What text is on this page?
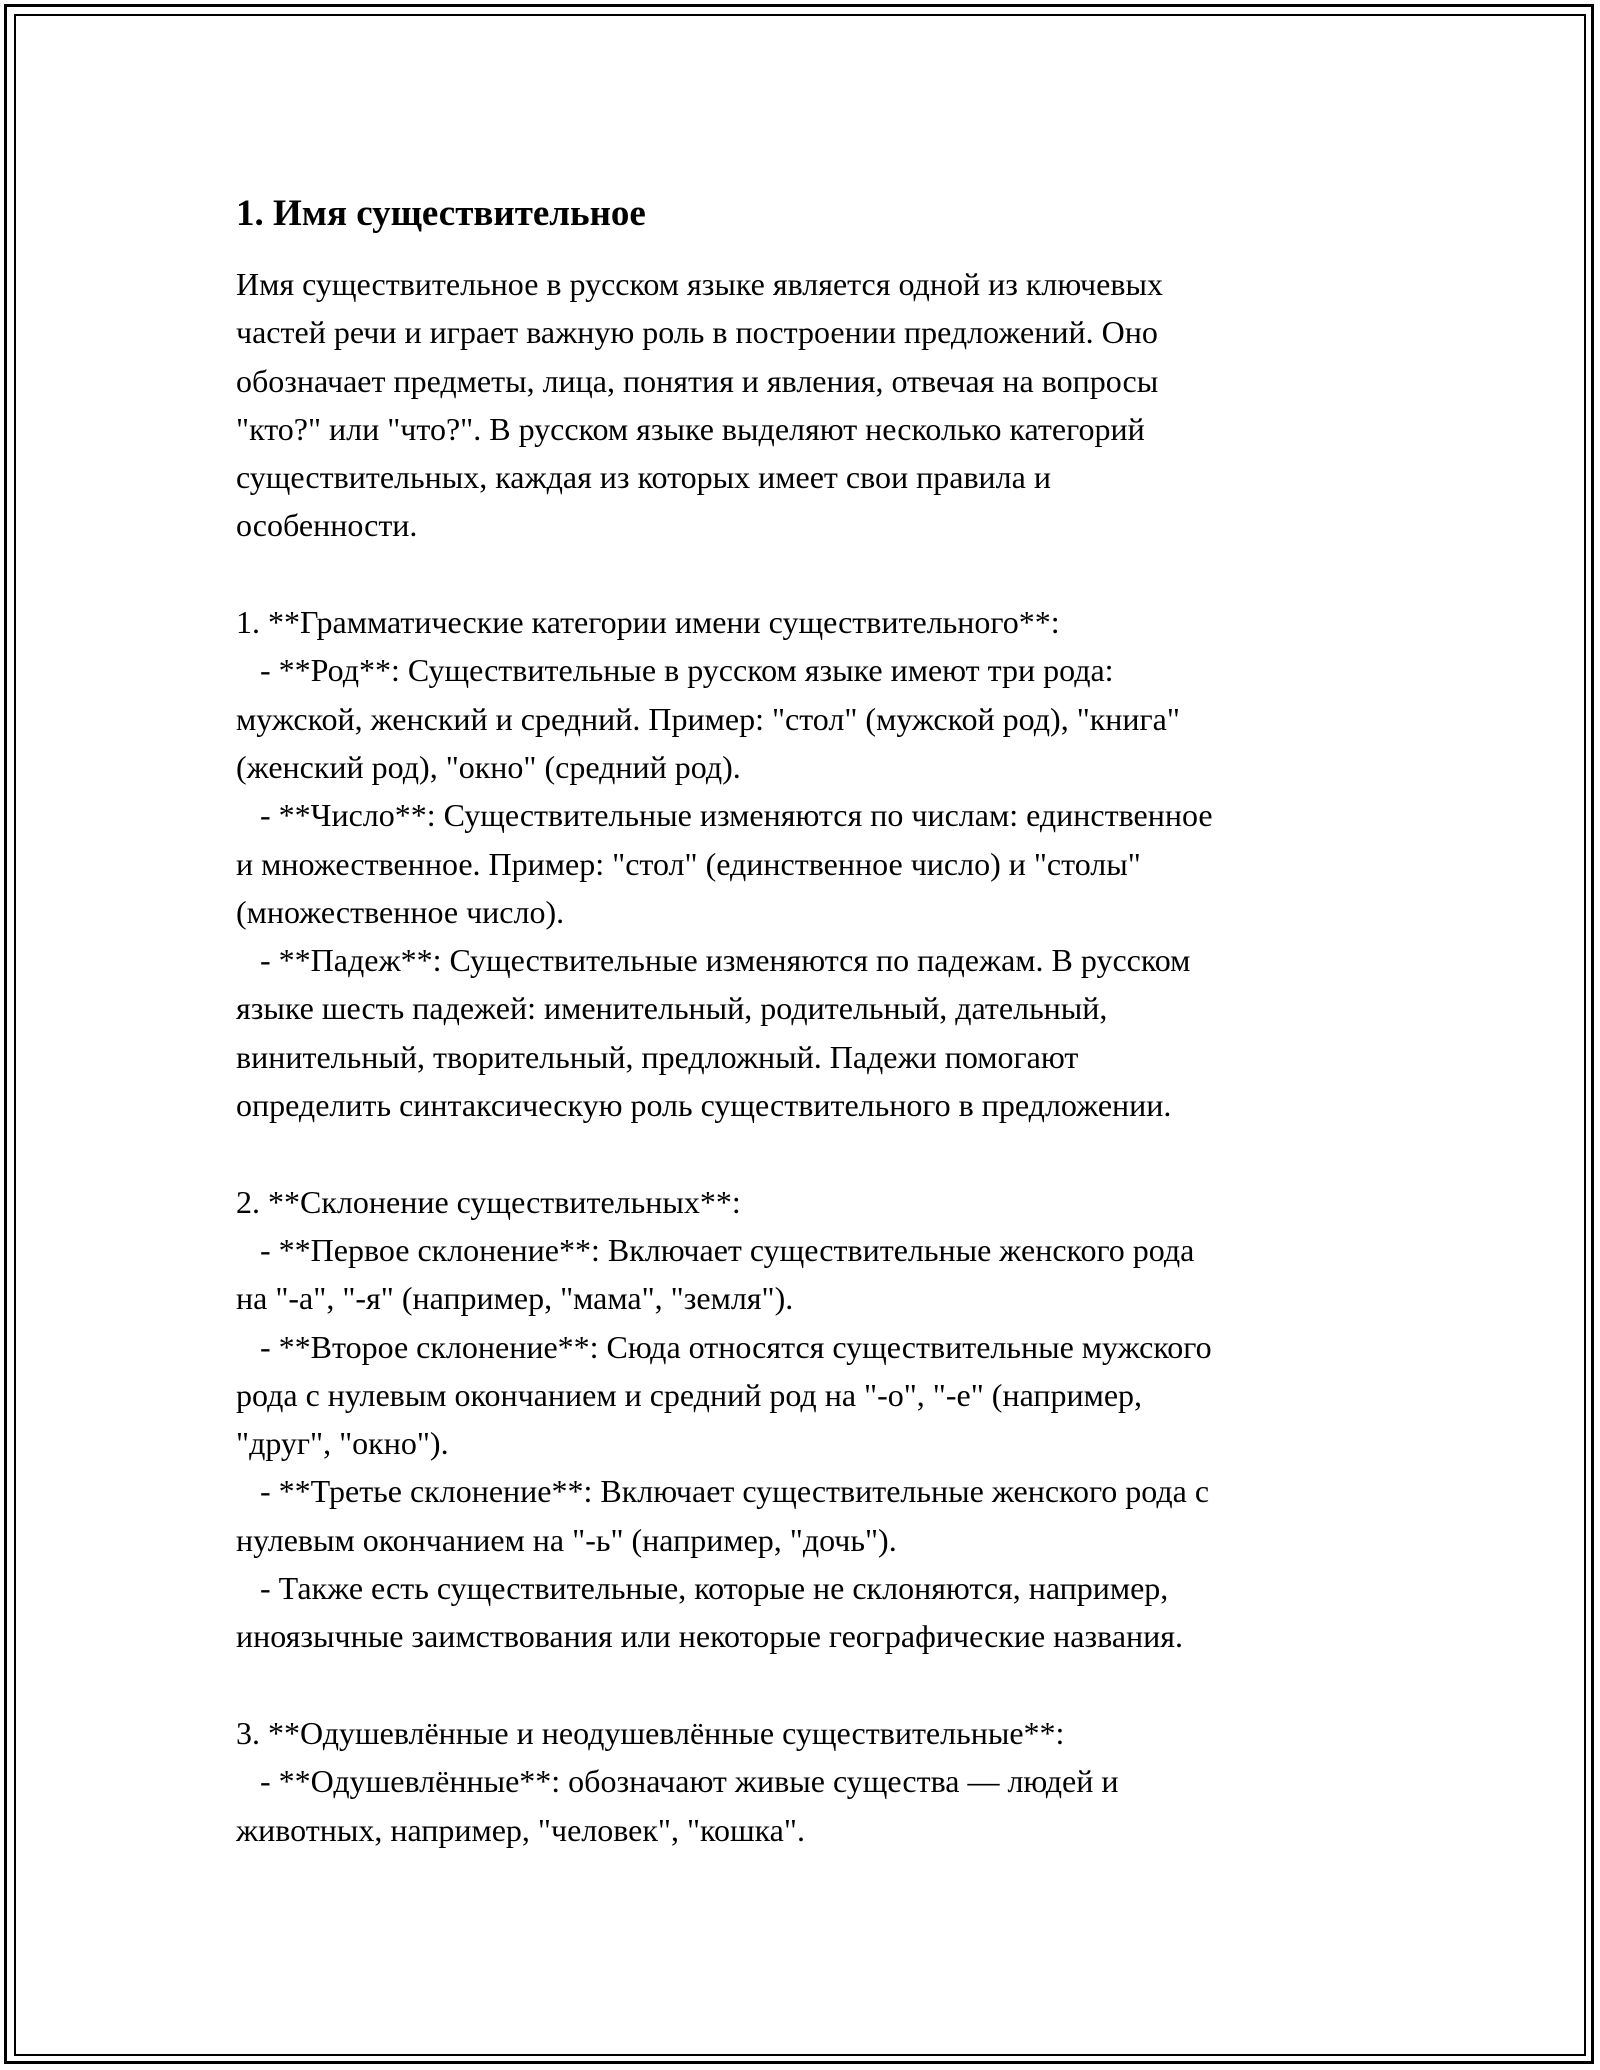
1. Имя существительное

Имя существительное в русском языке является одной из ключевых
частей речи и играет важную роль в построении предложений. Оно
обозначает предметы, лица, понятия и явления, отвечая на вопросы
"кто?" или "что?". В русском языке выделяют несколько категорий
существительных, каждая из которых имеет свои правила и
особенности.

1. **Грамматические категории имени существительного**:

- **Род**: Существительные в русском языке имеют три рода:
мужской, женский и средний. Пример: "стол" (мужской род), "книга"
(женский род), "окно" (средний род).

- **Число**: Существительные изменяются по числам: единственное
и множественное. Пример: "стол" (единственное число) и "столы"
(множественное число).

- **Падеж**: Существительные изменяются по падежам. В русском
языке шесть падежей: именительный, родительный, дательный,
винительный, творительный, предложный. Падежи помогают
определить синтаксическую роль существительного в предложении.

2. **Склонение существительных**:

- **Первое склонение**: Включает существительные женского рода
на "-а", "-я" (например, "мама", "земля").

- **Второе склонение**: Сюда относятся существительные мужского
рода с нулевым окончанием и средний род на "-о", "-е" (например,
"друг", "окно").

- **Третье склонение**: Включает существительные женского рода с
нулевым окончанием на "-ь" (например, "дочь").

- Также есть существительные, которые не склоняются, например,
иноязычные заимствования или некоторые географические названия.

3. **Одушевлённые и неодушевлённые существительные**:

- **Одушевлённые**: обозначают живые существа — людей и
животных, например, "человек", "кошка".
